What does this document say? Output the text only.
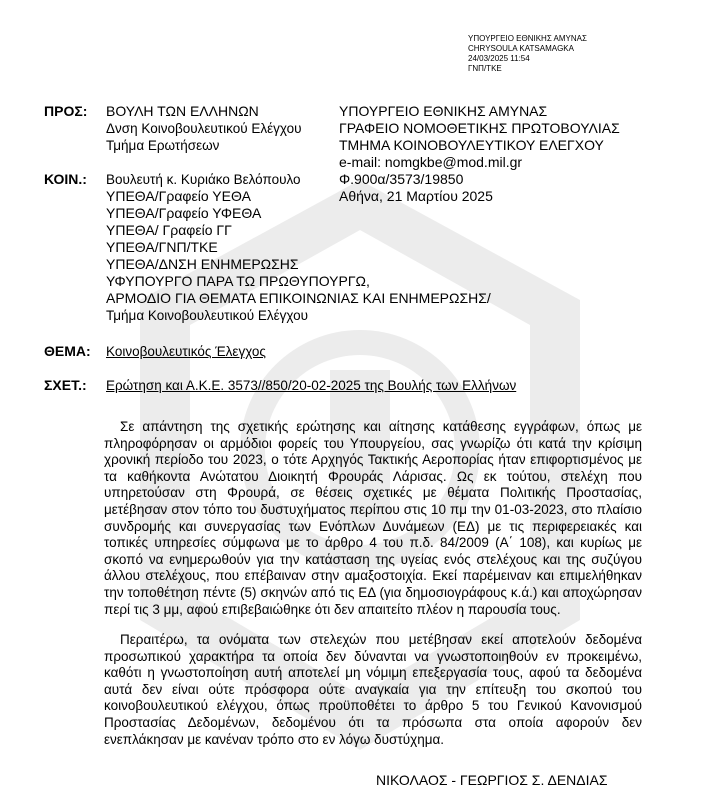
ΥΠΟΥΡΓΕΙΟ ΕΘΝΙΚΗΣ ΑΜΥΝΑΣ
CHRYSOULA KATSAMAGKA
24/03/2025 11:54
ΓΝΠ/ΤΚΕ
ΠΡΟΣ: ΒΟΥΛΗ ΤΩΝ ΕΛΛΗΝΩΝ
Δνση Κοινοβουλευτικού Ελέγχου
Τμήμα Ερωτήσεων
ΥΠΟΥΡΓΕΙΟ ΕΘΝΙΚΗΣ ΑΜΥΝΑΣ
ΓΡΑΦΕΙΟ ΝΟΜΟΘΕΤΙΚΗΣ ΠΡΩΤΟΒΟΥΛΙΑΣ
ΤΜΗΜΑ ΚΟΙΝΟΒΟΥΛΕΥΤΙΚΟΥ ΕΛΕΓΧΟΥ
e-mail: nomgkbe@mod.mil.gr
Φ.900α/3573/19850
Αθήνα, 21 Μαρτίου 2025
ΚΟΙΝ.: Βουλευτή κ. Κυριάκο Βελόπουλο
ΥΠΕΘΑ/Γραφείο ΥΕΘΑ
ΥΠΕΘΑ/Γραφείο ΥΦΕΘΑ
ΥΠΕΘΑ/ Γραφείο ΓΓ
ΥΠΕΘΑ/ΓΝΠ/ΤΚΕ
ΥΠΕΘΑ/ΔΝΣΗ ΕΝΗΜΕΡΩΣΗΣ
ΥΦΥΠΟΥΡΓΟ ΠΑΡΑ ΤΩ ΠΡΩΘΥΠΟΥΡΓΩ,
ΑΡΜΟΔΙΟ ΓΙΑ ΘΕΜΑΤΑ ΕΠΙΚΟΙΝΩΝΙΑΣ ΚΑΙ ΕΝΗΜΕΡΩΣΗΣ/
Τμήμα Κοινοβουλευτικού Ελέγχου
ΘΕΜΑ: Κοινοβουλευτικός Έλεγχος
ΣΧΕΤ.: Ερώτηση και Α.Κ.Ε. 3573//850/20-02-2025 της Βουλής των Ελλήνων
Σε απάντηση της σχετικής ερώτησης και αίτησης κατάθεσης εγγράφων, όπως με πληροφόρησαν οι αρμόδιοι φορείς του Υπουργείου, σας γνωρίζω ότι κατά την κρίσιμη χρονική περίοδο του 2023, ο τότε Αρχηγός Τακτικής Αεροπορίας ήταν επιφορτισμένος με τα καθήκοντα Ανώτατου Διοικητή Φρουράς Λάρισας. Ως εκ τούτου, στελέχη που υπηρετούσαν στη Φρουρά, σε θέσεις σχετικές με θέματα Πολιτικής Προστασίας, μετέβησαν στον τόπο του δυστυχήματος περίπου στις 10 πμ την 01-03-2023, στο πλαίσιο συνδρομής και συνεργασίας των Ενόπλων Δυνάμεων (ΕΔ) με τις περιφερειακές και τοπικές υπηρεσίες σύμφωνα με το άρθρο 4 του π.δ. 84/2009 (Α΄ 108), και κυρίως με σκοπό να ενημερωθούν για την κατάσταση της υγείας ενός στελέχους και της συζύγου άλλου στελέχους, που επέβαιναν στην αμαξοστοιχία. Εκεί παρέμειναν και επιμελήθηκαν την τοποθέτηση πέντε (5) σκηνών από τις ΕΔ (για δημοσιογράφους κ.ά.) και αποχώρησαν περί τις 3 μμ, αφού επιβεβαιώθηκε ότι δεν απαιτείτο πλέον η παρουσία τους.
Περαιτέρω, τα ονόματα των στελεχών που μετέβησαν εκεί αποτελούν δεδομένα προσωπικού χαρακτήρα τα οποία δεν δύνανται να γνωστοποιηθούν εν προκειμένω, καθότι η γνωστοποίηση αυτή αποτελεί μη νόμιμη επεξεργασία τους, αφού τα δεδομένα αυτά δεν είναι ούτε πρόσφορα ούτε αναγκαία για την επίτευξη του σκοπού του κοινοβουλευτικού ελέγχου, όπως προϋποθέτει το άρθρο 5 του Γενικού Κανονισμού Προστασίας Δεδομένων, δεδομένου ότι τα πρόσωπα στα οποία αφορούν δεν ενεπλάκησαν με κανέναν τρόπο στο εν λόγω δυστύχημα.
ΝΙΚΟΛΑΟΣ - ΓΕΩΡΓΙΟΣ Σ. ΔΕΝΔΙΑΣ
